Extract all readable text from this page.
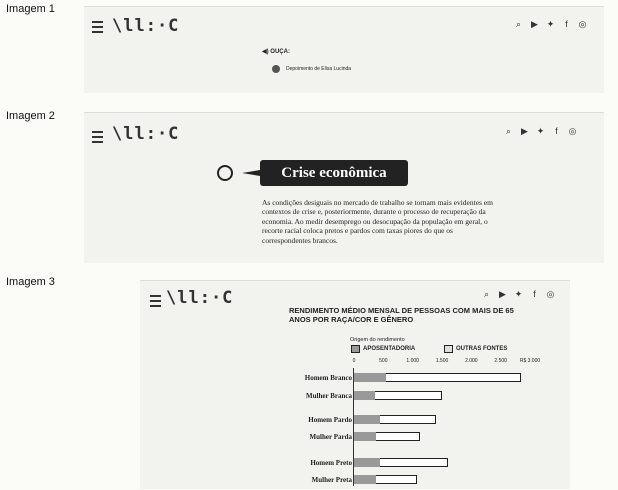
Imagem 1
Imagem 2
Imagem 3
\ll:·C	⌕ ▶ ✦	f	◎
◀) OUÇA:
Depoimento de Elisa Lucinda
\ll:·C	⌕ ▶ ✦	f	◎
Crise econômica
As condições desiguais no mercado de trabalho se tornam mais evidentes em contextos de crise e, posteriormente, durante o processo de recuperação da economia. Ao medir desemprego ou desocupação da população em geral, o recorte racial coloca pretos e pardos com taxas piores do que os correspondentes brancos.
\ll:·C	⌕ ▶ ✦	f	◎
RENDIMENTO MÉDIO MENSAL DE PESSOAS COM MAIS DE 65 ANOS POR RAÇA/COR E GÊNERO
Origem do rendimento
APOSENTADORIA	OUTRAS FONTES
0	500	1.000	1.500	2.000	2.500	R$ 3.000
Homem Branco
Mulher Branca
Homem Pardo
Mulher Parda
Homem Preto
Mulher Preta
